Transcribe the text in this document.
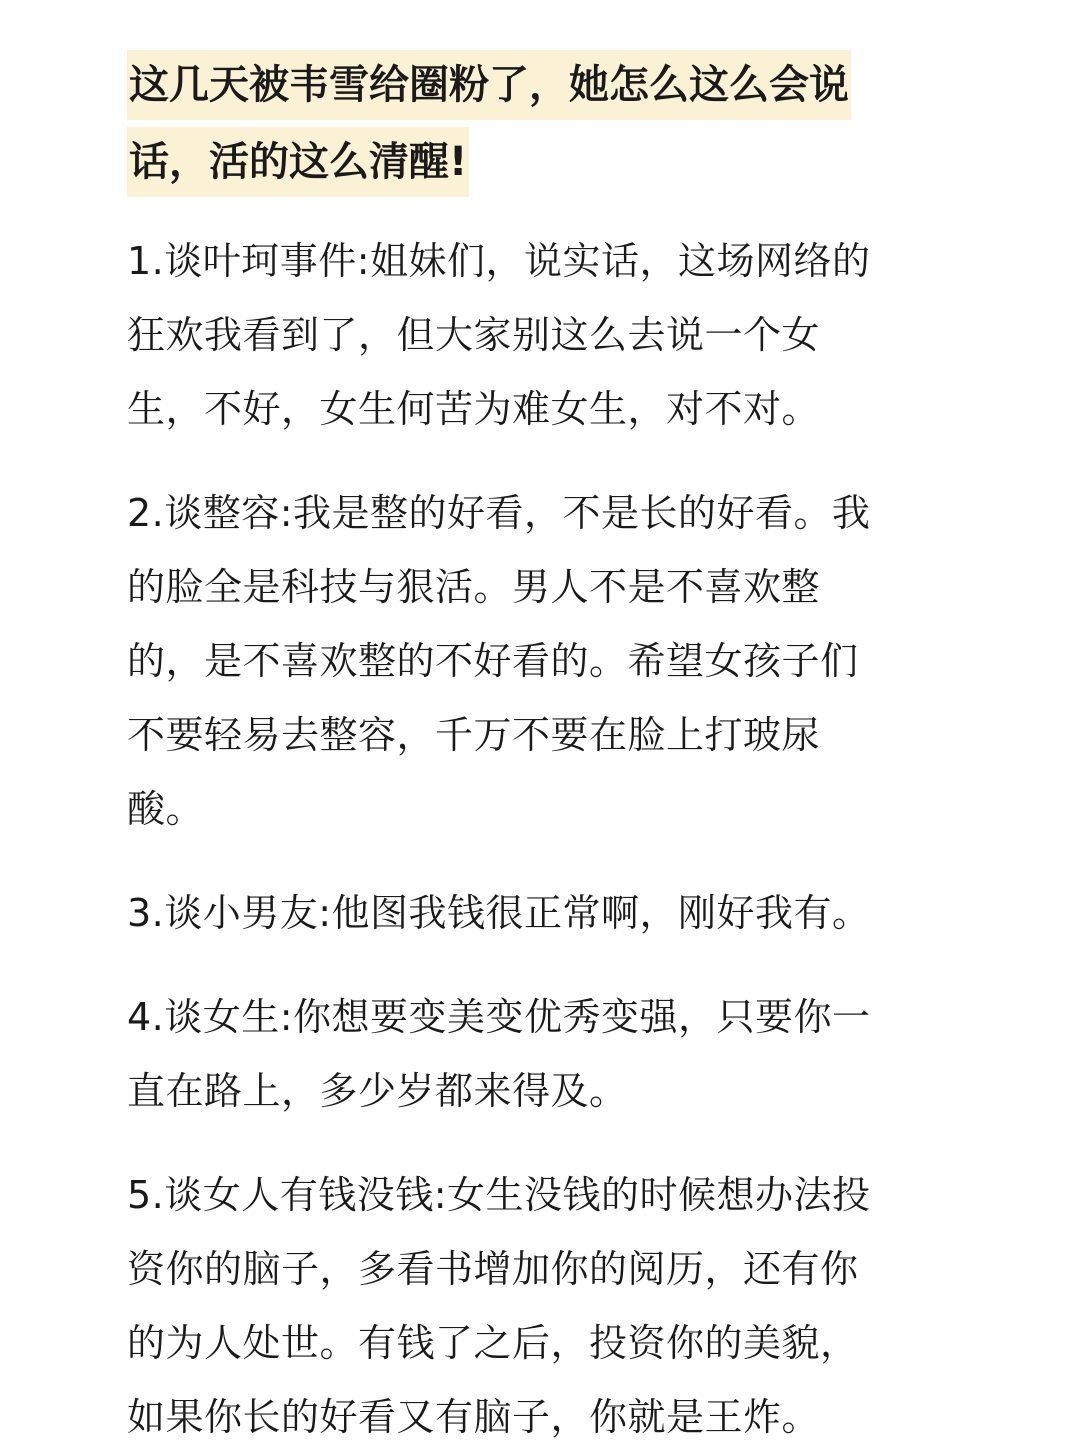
这几天被韦雪给圈粉了，她怎么这么会说
话，活的这么清醒!

1.谈叶珂事件:姐妹们，说实话，这场网络的
狂欢我看到了，但大家别这么去说一个女
生，不好，女生何苦为难女生，对不对。

2.谈整容:我是整的好看，不是长的好看。我
的脸全是科技与狠活。男人不是不喜欢整
的，是不喜欢整的不好看的。希望女孩子们
不要轻易去整容，千万不要在脸上打玻尿
酸。

3.谈小男友:他图我钱很正常啊，刚好我有。

4.谈女生:你想要变美变优秀变强，只要你一
直在路上，多少岁都来得及。

5.谈女人有钱没钱:女生没钱的时候想办法投
资你的脑子，多看书增加你的阅历，还有你
的为人处世。有钱了之后，投资你的美貌，
如果你长的好看又有脑子，你就是王炸。
